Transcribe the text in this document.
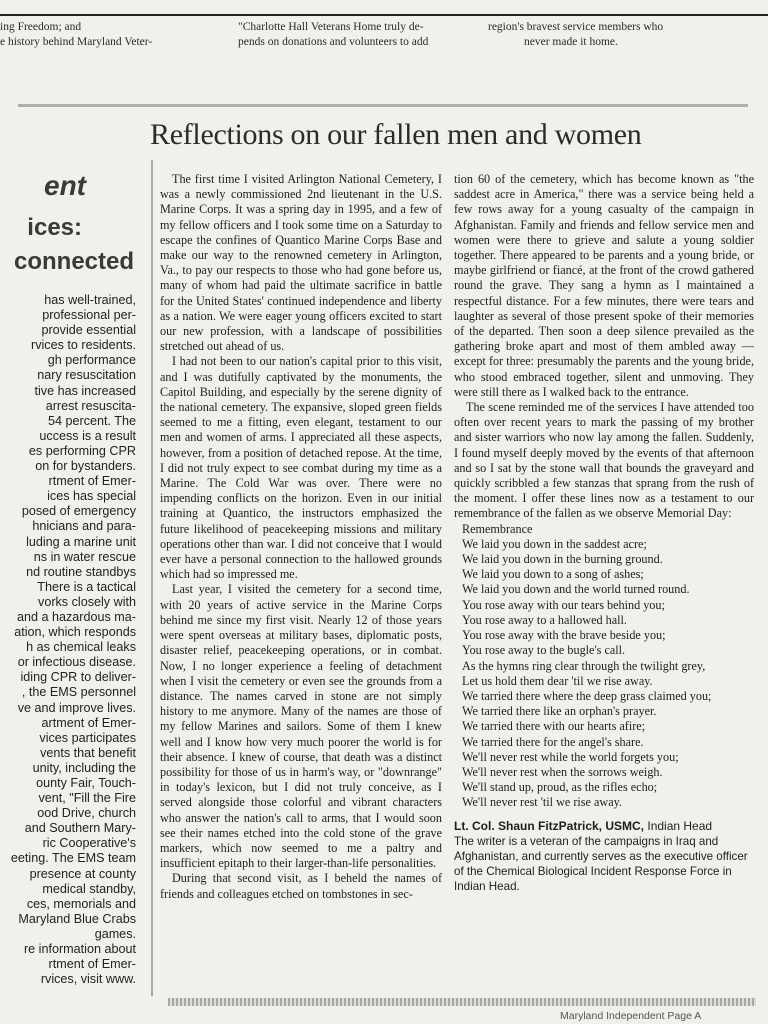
ing Freedom; and
e history behind Maryland Veter-
"Charlotte Hall Veterans Home truly de-
pends on donations and volunteers to add
region's bravest service members who
never made it home.
Reflections on our fallen men and women
ent
ices:
connected
has well-trained,
professional per-
provide essential
rvices to residents.
gh performance
nary resuscitation
tive has increased
arrest resuscita-
54 percent. The
uccess is a result
es performing CPR
on for bystanders.
rtment of Emer-
ices has special
posed of emergency
hnicians and para-
luding a marine unit
ns in water rescue
nd routine standbys
There is a tactical
vorks closely with
and a hazardous ma-
ation, which responds
h as chemical leaks
or infectious disease.
iding CPR to deliver-
, the EMS personnel
ve and improve lives.
artment of Emer-
vices participates
vents that benefit
unity, including the
ounty Fair, Touch-
vent, "Fill the Fire
ood Drive, church
and Southern Mary-
ric Cooperative's
eeting. The EMS team
presence at county
medical standby,
ces, memorials and
Maryland Blue Crabs
games.
re information about
rtment of Emer-
rvices, visit www.

The first time I visited Arlington National Cemetery, I was a newly commissioned 2nd lieutenant in the U.S. Marine Corps. It was a spring day in 1995, and a few of my fellow officers and I took some time on a Saturday to escape the confines of Quantico Marine Corps Base and make our way to the renowned cemetery in Arlington, Va., to pay our respects to those who had gone before us, many of whom had paid the ultimate sacrifice in battle for the United States' continued independence and liberty as a nation. We were eager young officers excited to start our new profession, with a landscape of possibilities stretched out ahead of us.

I had not been to our nation's capital prior to this visit, and I was dutifully captivated by the monuments, the Capitol Building, and especially by the serene dignity of the national cemetery. The expansive, sloped green fields seemed to me a fitting, even elegant, testament to our men and women of arms. I appreciated all these aspects, however, from a position of detached repose. At the time, I did not truly expect to see combat during my time as a Marine. The Cold War was over. There were no impending conflicts on the horizon. Even in our initial training at Quantico, the instructors emphasized the future likelihood of peacekeeping missions and military operations other than war. I did not conceive that I would ever have a personal connection to the hallowed grounds which had so impressed me.

Last year, I visited the cemetery for a second time, with 20 years of active service in the Marine Corps behind me since my first visit. Nearly 12 of those years were spent overseas at military bases, diplomatic posts, disaster relief, peacekeeping operations, or in combat. Now, I no longer experience a feeling of detachment when I visit the cemetery or even see the grounds from a distance. The names carved in stone are not simply history to me anymore. Many of the names are those of my fellow Marines and sailors. Some of them I knew well and I know how very much poorer the world is for their absence. I knew of course, that death was a distinct possibility for those of us in harm's way, or "downrange" in today's lexicon, but I did not truly conceive, as I served alongside those colorful and vibrant characters who answer the nation's call to arms, that I would soon see their names etched into the cold stone of the grave markers, which now seemed to me a paltry and insufficient epitaph to their larger-than-life personalities.

During that second visit, as I beheld the names of friends and colleagues etched on tombstones in sec-

tion 60 of the cemetery, which has become known as "the saddest acre in America," there was a service being held a few rows away for a young casualty of the campaign in Afghanistan. Family and friends and fellow service men and women were there to grieve and salute a young soldier together. There appeared to be parents and a young bride, or maybe girlfriend or fiancé, at the front of the crowd gathered round the grave. They sang a hymn as I maintained a respectful distance. For a few minutes, there were tears and laughter as several of those present spoke of their memories of the departed. Then soon a deep silence prevailed as the gathering broke apart and most of them ambled away — except for three: presumably the parents and the young bride, who stood embraced together, silent and unmoving. They were still there as I walked back to the entrance.

The scene reminded me of the services I have attended too often over recent years to mark the passing of my brother and sister warriors who now lay among the fallen. Suddenly, I found myself deeply moved by the events of that afternoon and so I sat by the stone wall that bounds the graveyard and quickly scribbled a few stanzas that sprang from the rush of the moment. I offer these lines now as a testament to our remembrance of the fallen as we observe Memorial Day:

Remembrance
We laid you down in the saddest acre;
We laid you down in the burning ground.
We laid you down to a song of ashes;
We laid you down and the world turned round.
You rose away with our tears behind you;
You rose away to a hallowed hall.
You rose away with the brave beside you;
You rose away to the bugle's call.
As the hymns ring clear through the twilight grey,
Let us hold them dear 'til we rise away.
We tarried there where the deep grass claimed you;
We tarried there like an orphan's prayer.
We tarried there with our hearts afire;
We tarried there for the angel's share.
We'll never rest while the world forgets you;
We'll never rest when the sorrows weigh.
We'll stand up, proud, as the rifles echo;
We'll never rest 'til we rise away.
Lt. Col. Shaun FitzPatrick, USMC, Indian Head
The writer is a veteran of the campaigns in Iraq and Afghanistan, and currently serves as the executive officer of the Chemical Biological Incident Response Force in Indian Head.
Maryland Independent Page A
